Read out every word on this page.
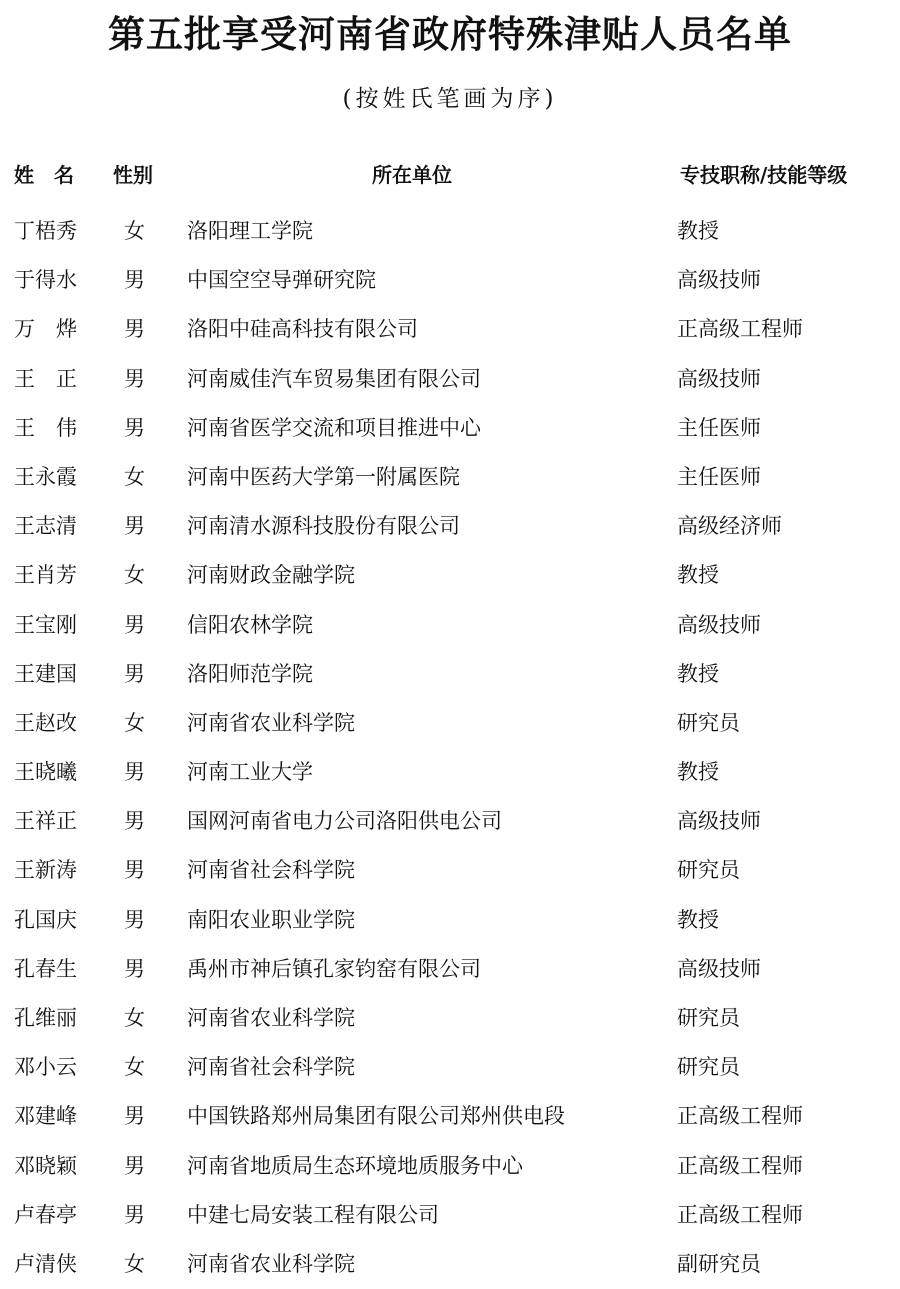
第五批享受河南省政府特殊津贴人员名单
(按姓氏笔画为序)
姓　名 性别	所在单位	专技职称/技能等级
丁梧秀	女	洛阳理工学院	教授
于得水	男	中国空空导弹研究院	高级技师
万烨 男	洛阳中硅高科技有限公司	正高级工程师
王正 男	河南威佳汽车贸易集团有限公司	高级技师
王伟 男	河南省医学交流和项目推进中心	主任医师
王永霞	女	河南中医药大学第一附属医院	主任医师
王志清	男	河南清水源科技股份有限公司	高级经济师
王肖芳	女	河南财政金融学院	教授
王宝刚	男	信阳农林学院	高级技师
王建国	男	洛阳师范学院	教授
王赵改	女	河南省农业科学院	研究员
王晓曦	男	河南工业大学	教授
王祥正	男	国网河南省电力公司洛阳供电公司	高级技师
王新涛	男	河南省社会科学院	研究员
孔国庆	男	南阳农业职业学院	教授
孔春生	男	禹州市神后镇孔家钧窑有限公司	高级技师
孔维丽	女	河南省农业科学院	研究员
邓小云	女	河南省社会科学院	研究员
邓建峰	男	中国铁路郑州局集团有限公司郑州供电段	正高级工程师
邓晓颖	男	河南省地质局生态环境地质服务中心	正高级工程师
卢春亭	男	中建七局安装工程有限公司	正高级工程师
卢清侠	女	河南省农业科学院	副研究员
